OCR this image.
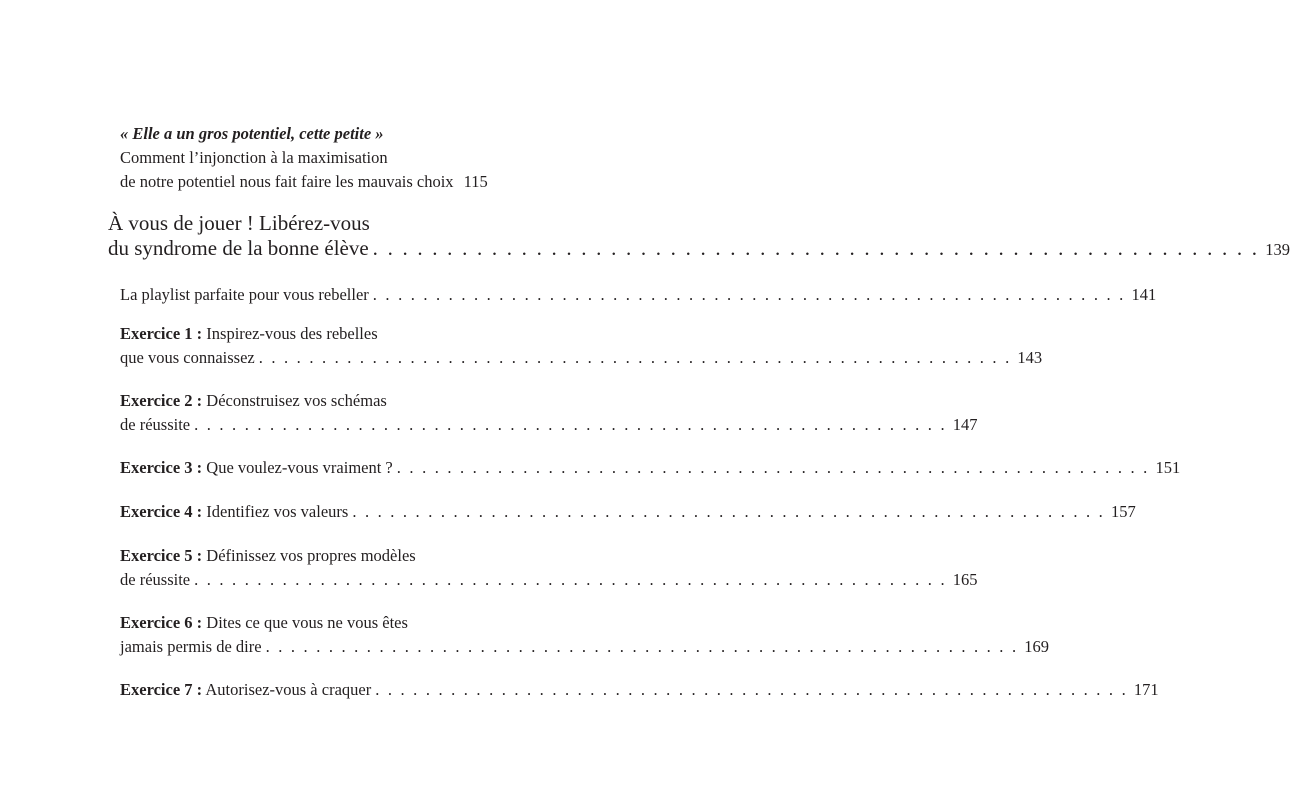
« Elle a un gros potentiel, cette petite »
Comment l’injonction à la maximisation
de notre potentiel nous fait faire les mauvais choix 115
À vous de jouer ! Libérez-vous
du syndrome de la bonne élève . . . . . . . . . . . . . . . . . . . . . . . . . . . . . . . . . . . . . . . . . . . . . . . . . . . . . . . . . . . . 139
La playlist parfaite pour vous rebeller . . . . . . . . . . . . . . . . . . . . . . . . . . . . . . . . . . . . . . . . . . . . . . . . . . . . . . . . . . . . 141
Exercice 1 : Inspirez-vous des rebelles
que vous connaissez . . . . . . . . . . . . . . . . . . . . . . . . . . . . . . . . . . . . . . . . . . . . . . . . . . . . . . . . . . . . 143
Exercice 2 : Déconstruisez vos schémas
de réussite . . . . . . . . . . . . . . . . . . . . . . . . . . . . . . . . . . . . . . . . . . . . . . . . . . . . . . . . . . . . 147
Exercice 3 : Que voulez-vous vraiment ? . . . . . . . . . . . . . . . . . . . . . . . . . . . . . . . . . . . . . . . . . . . . . . . . . . . . . . . . . . . . 151
Exercice 4 : Identifiez vos valeurs . . . . . . . . . . . . . . . . . . . . . . . . . . . . . . . . . . . . . . . . . . . . . . . . . . . . . . . . . . . . 157
Exercice 5 : Définissez vos propres modèles
de réussite . . . . . . . . . . . . . . . . . . . . . . . . . . . . . . . . . . . . . . . . . . . . . . . . . . . . . . . . . . . . 165
Exercice 6 : Dites ce que vous ne vous êtes
jamais permis de dire . . . . . . . . . . . . . . . . . . . . . . . . . . . . . . . . . . . . . . . . . . . . . . . . . . . . . . . . . . . . 169
Exercice 7 : Autorisez-vous à craquer . . . . . . . . . . . . . . . . . . . . . . . . . . . . . . . . . . . . . . . . . . . . . . . . . . . . . . . . . . . . 171
